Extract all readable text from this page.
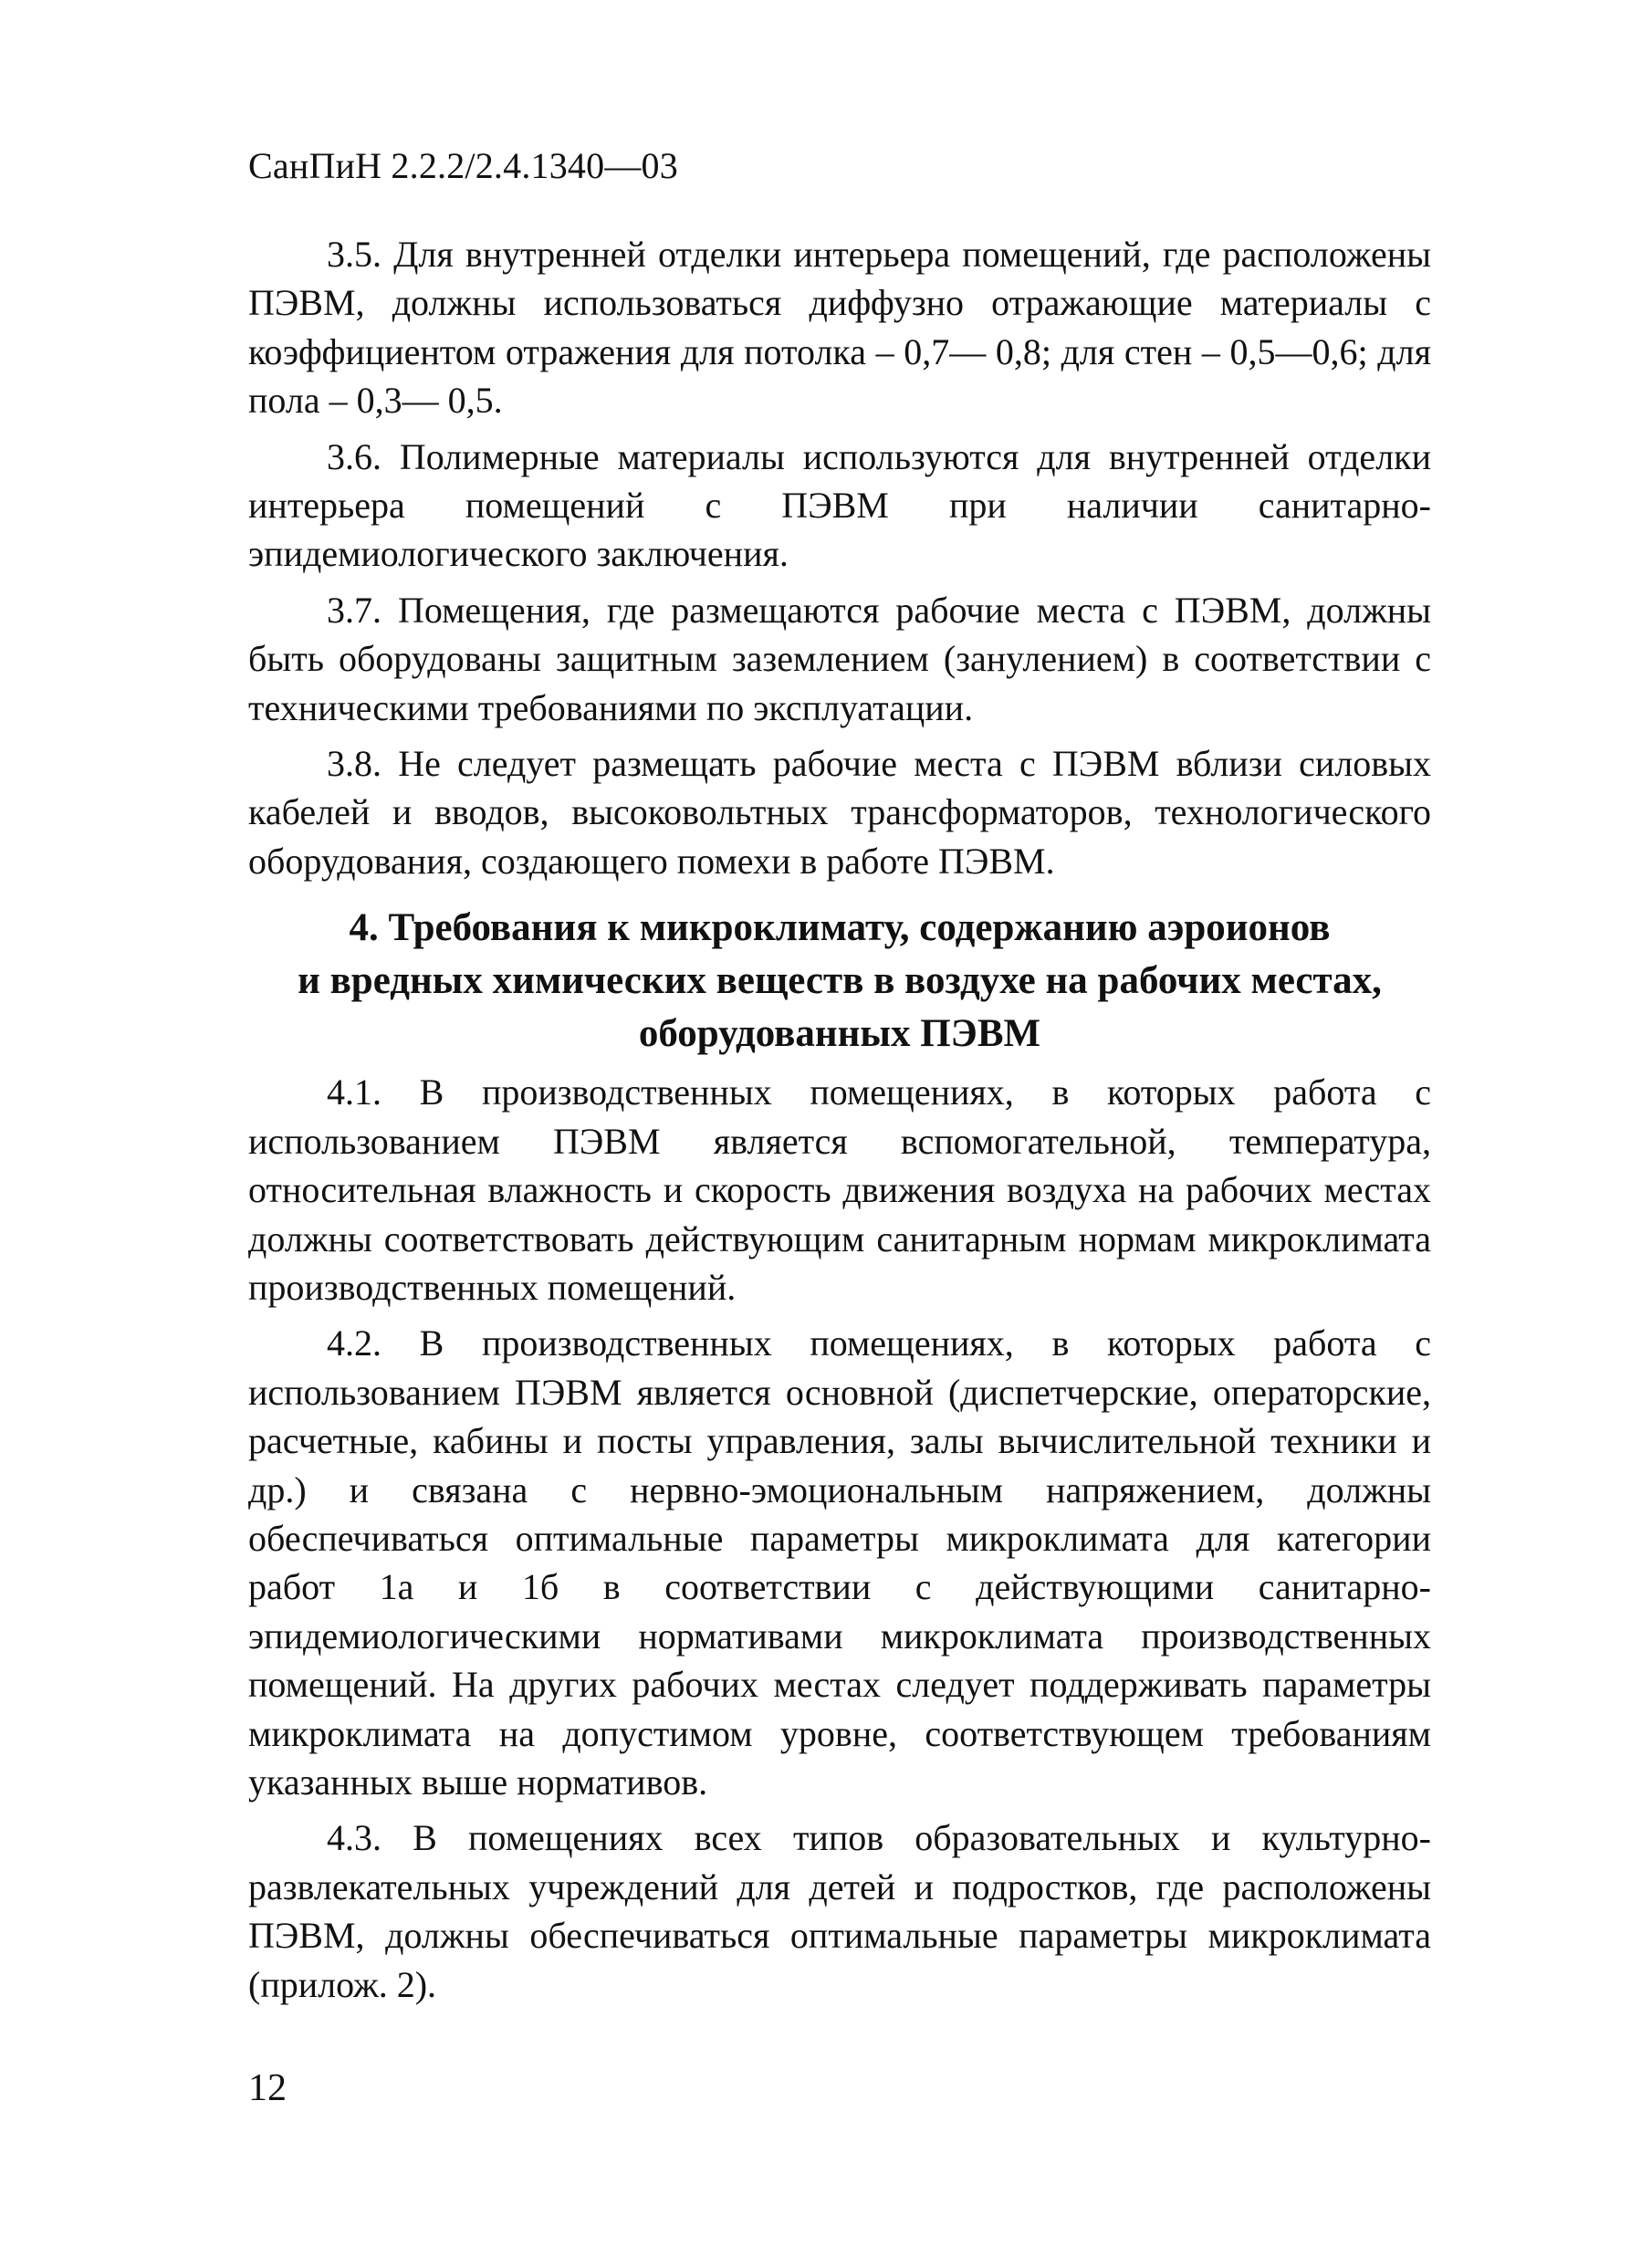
СанПиН 2.2.2/2.4.1340—03

3.5. Для внутренней отделки интерьера помещений, где расположены ПЭВМ, должны использоваться диффузно отражающие материалы с коэффициентом отражения для потолка – 0,7— 0,8; для стен – 0,5—0,6; для пола – 0,3— 0,5.

3.6. Полимерные материалы используются для внутренней отделки интерьера помещений с ПЭВМ при наличии санитарно-эпидемиологического заключения.

3.7. Помещения, где размещаются рабочие места с ПЭВМ, должны быть оборудованы защитным заземлением (занулением) в соответствии с техническими требованиями по эксплуатации.

3.8. Не следует размещать рабочие места с ПЭВМ вблизи силовых кабелей и вводов, высоковольтных трансформаторов, технологического оборудования, создающего помехи в работе ПЭВМ.

4. Требования к микроклимату, содержанию аэроионов
и вредных химических веществ в воздухе на рабочих местах,
оборудованных ПЭВМ

4.1. В производственных помещениях, в которых работа с использованием ПЭВМ является вспомогательной, температура, относительная влажность и скорость движения воздуха на рабочих местах должны соответствовать действующим санитарным нормам микроклимата производственных помещений.

4.2. В производственных помещениях, в которых работа с использованием ПЭВМ является основной (диспетчерские, операторские, расчетные, кабины и посты управления, залы вычислительной техники и др.) и связана с нервно-эмоциональным напряжением, должны обеспечиваться оптимальные параметры микроклимата для категории работ 1а и 1б в соответствии с действующими санитарно-эпидемиологическими нормативами микроклимата производственных помещений. На других рабочих местах следует поддерживать параметры микроклимата на допустимом уровне, соответствующем требованиям указанных выше нормативов.

4.3. В помещениях всех типов образовательных и культурно-развлекательных учреждений для детей и подростков, где расположены ПЭВМ, должны обеспечиваться оптимальные параметры микроклимата (прилож. 2).

12
